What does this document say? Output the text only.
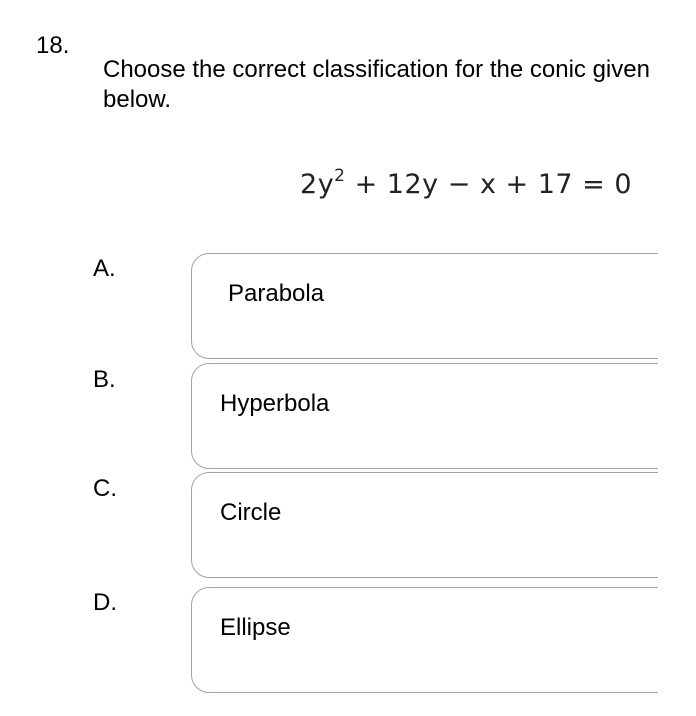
18.
Choose the correct classification for the conic given below.
$2y^2 + 12y - x + 17 = 0$
A.
Parabola
B.
Hyperbola
C.
Circle
D.
Ellipse
